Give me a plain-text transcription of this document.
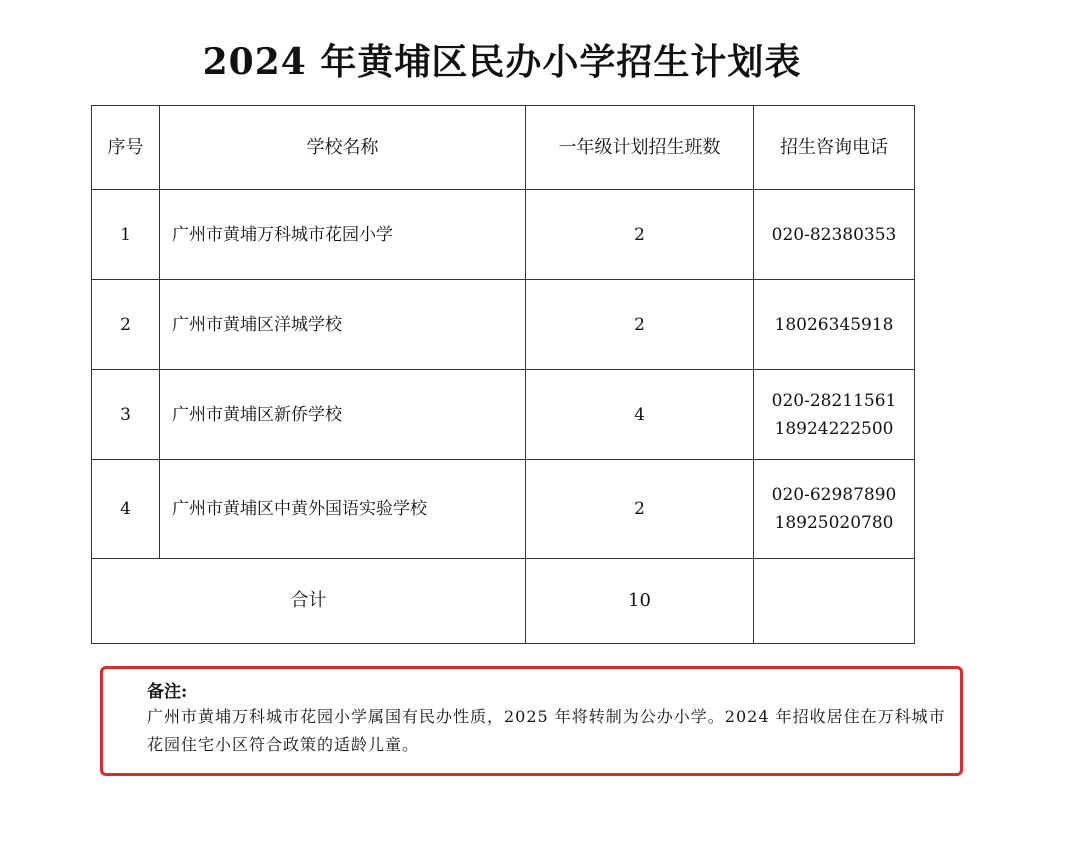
2024 年黄埔区民办小学招生计划表
序号	学校名称	一年级计划招生班数	招生咨询电话
1	广州市黄埔万科城市花园小学	2	020-82380353

2	广州市黄埔区洋城学校	2	18026345918

3	广州市黄埔区新侨学校	4	020-28211561
18924222500

4	广州市黄埔区中黄外国语实验学校	2	020-62987890
18925020780

合计		10	
备注:
广州市黄埔万科城市花园小学属国有民办性质，2025 年将转制为公办小学。2024 年招收居住在万科城市花园住宅小区符合政策的适龄儿童。
